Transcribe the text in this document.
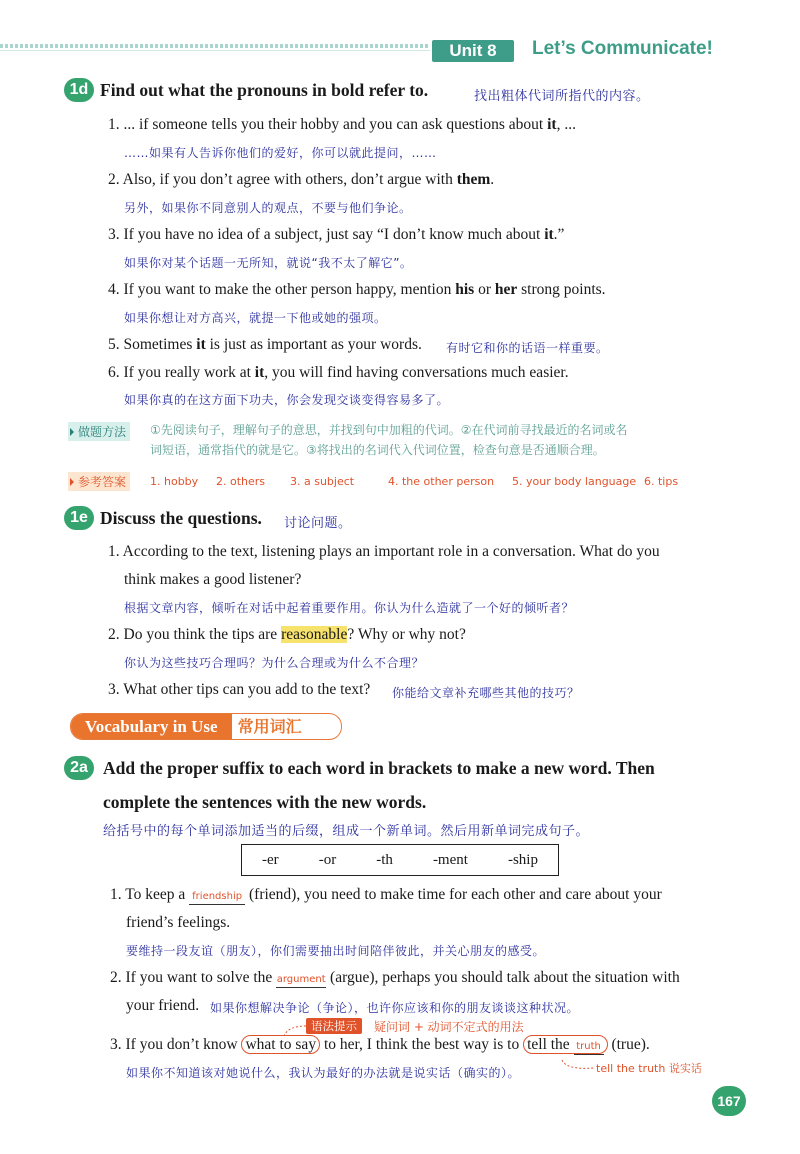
Unit 8	Let’s Communicate!
1d Find out what the pronouns in bold refer to.	找出粗体代词所指代的内容。
1. ... if someone tells you their hobby and you can ask questions about it, ...
……如果有人告诉你他们的爱好，你可以就此提问，……
2. Also, if you don’t agree with others, don’t argue with them.
另外，如果你不同意别人的观点，不要与他们争论。
3. If you have no idea of a subject, just say “I don’t know much about it.”
如果你对某个话题一无所知，就说“我不太了解它”。
4. If you want to make the other person happy, mention his or her strong points.
如果你想让对方高兴，就提一下他或她的强项。
5. Sometimes it is just as important as your words. 有时它和你的话语一样重要。
6. If you really work at it, you will find having conversations much easier.
如果你真的在这方面下功夫，你会发现交谈变得容易多了。
做题方法	①先阅读句子，理解句子的意思，并找到句中加粗的代词。②在代词前寻找最近的名词或名
词短语，通常指代的就是它。③将找出的名词代入代词位置，检查句意是否通顺合理。
参考答案	1. hobby 2. others 3. a subject	4. the other person 5. your body language 6. tips
1e Discuss the questions. 讨论问题。
1. According to the text, listening plays an important role in a conversation. What do you
think makes a good listener?
根据文章内容，倾听在对话中起着重要作用。你认为什么造就了一个好的倾听者？
2. Do you think the tips are reasonable? Why or why not?
你认为这些技巧合理吗？为什么合理或为什么不合理？
3. What other tips can you add to the text? 你能给文章补充哪些其他的技巧？
Vocabulary in Use	常用词汇
2a Add the proper suffix to each word in brackets to make a new word. Then
complete the sentences with the new words.
给括号中的每个单词添加适当的后缀，组成一个新单词。然后用新单词完成句子。
-er	-or	-th	-ment	-ship
1. To keep a friendship (friend), you need to make time for each other and care about your
friend’s feelings.
要维持一段友谊（朋友），你们需要抽出时间陪伴彼此，并关心朋友的感受。
2. If you want to solve the argument (argue), perhaps you should talk about the situation with
your friend. 如果你想解决争论（争论），也许你应该和你的朋友谈谈这种状况。
语法提示	疑问词 + 动词不定式的用法
3. If you don’t know what to say to her, I think the best way is to tell the truth (true).
如果你不知道该对她说什么，我认为最好的办法就是说实话（确实的）。	tell the truth 说实话
167
